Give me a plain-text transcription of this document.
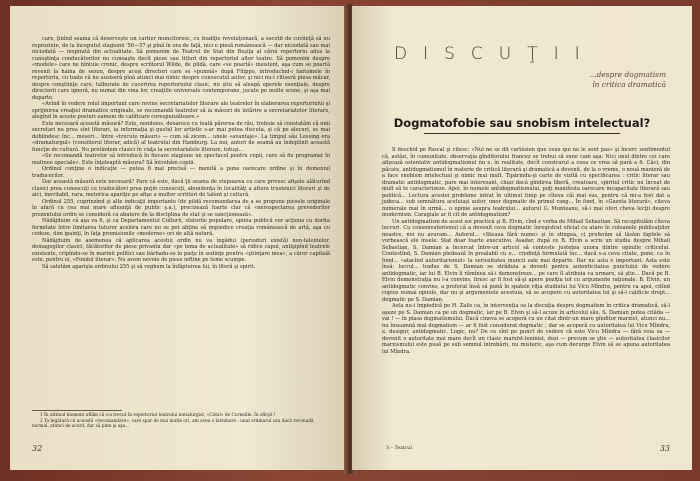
care, ţinînd seama că deservește un cartier muncitoresc, cu tradiţie revoluţionară, a socotit de cuviinţă să nu reprezinte, de la începutul stagiunii '56—57 şi pînă în ora de faţă, nici o piesă românească — dar niciodată sau mai niciodată — inspirată din actualitate. Să pomenim de Teatrul de Stat din Reşiţa al cărui repertoriu adus la cunoştinţa conducătorilor nu cunoaşte decît piese sau titluri din repertoriul altor teatre. Să pomenim despre «modele» care ne bîntuie cronic, despre scriitorul Wilde, de pildă, care «se poartă» insistent, aşa cum se poartă revenit la haina de sezon, despre aceşi directori care se «pumnă» după Filippo, introducînd-i fantomele în repertoriu, cu toate că nu ausiseră pînă atunci mai nimic despre cunoscutul autor, şi nici nu-i citiseră piesa măcar, despre conştiinţe care, talburate de cucerirea repertoriului clasic, nu ştiu să aleagă operele esenţiale, despre directorii care ignoră, nu numai din vina lor, creaţiile universale contemporane, jucate pe multe scene, şi aşa mai departe.

«Avînd în vedere rolul important care revine secretariatelor literare ale teatrelor în elaborarea repertoriului şi sprijinirea creaţiei dramatice originale, se recomandă teatrelor să ia măsuri de întărire a secretariatelor literare, alegînd în aceste posturi oameni de calificare corespunzătoare.»

Este necesară această măsură? Este, nendoios, deoarece cu toată părerea de rău, trebuie să constatăm că unii secretari nu prea sînt literari, ia informaţia şi gustul lor artistic s-ar mai putea discuta, şi că pe alocuri, se mai doblindesc înc... meseri... între «trecute măsuri» — cum să zicem... unele «avantaje». La timpul său Lessing era «dramaturgul» (consilierul literar, adică) al teatrului din Hamburg. La noi, autori de seamă au îndeplinit această funcţie de cultură. Nu pretindem clasici în viaţa la secretariatele literare, totuşi...

«Se recomandă teatrelor să introducă în fiecare stagiune un spectacol pentru copii, care să fie programat în matinee speciale». Este înţeleaptă măsura? Să întrebăm copiii.

Ordinul conţine o indicaţie — putea fi mai precisă — menită a pune oarecare ordine şi în domeniul traducerilor.

Dar această măsură este necesară? Pare că este, dacă ţii seama de stupoarea cu care privesc afişele alăturînd clasici prea cunoscuţi cu traducători prea puţin cunoscuţi, abundenţa în localităţi a altora trustenici literari şi de aici, inevitabil, rara, metorica apariţie pe afişe a multor scriitori de talent şi cultură.

Ordinul 255, cuprinzînd şi alte indicaţii importante (de pildă recomandarea de a se propune piesele originale în afară cu cea mai mare afluenţă de public ş.a.), precizează foarte clar că «nerespectarea prevederilor prezentului ordin se consideră ca abatere de la disciplina de stat şi se sancţionează».

Nădăjduim că aşa va fi, şi ca Departamentul Culturii, sfaturile populare, opinia publică vor acţiona cu dorita fermitate între limitarea tuturor acelora care nu se pot abţine să impiedice creaţia românească de artă, aşa cu cedeze, dim ipainţi, în faţa promisiunile «moderne» ori de altă natură.

Nădăjduim de asemenea că aplicarea acestui ordin nu va îngădui (perioduri există) non-talentelor, demagogilor clasici, făcătorilor de piese privantu dar «pe tema de actualitate» să ridice capul, antişipînd teatrele existente, cripîndu-se în marinii politici sau bărbadu-se în pieţe în sedinţe pentru «ştiinţare mea», a căror capitală este, pentru ei, «Fondul literar». Nu avem nevoie de piese ieftine pe teme scumpe.

Să salutăm aparişia ordinului 255 şi să veghem la înfăptuirea lui, în literă şi spirit.

1 În ultimul moment aflăm că s-a trecut în repertoriul teatrului metalurgist, «Cidul» de Corneille. În sfîrşit !

2 Ta legătură cu această «recomandare», care spar de mai multe ori, am avea o întrebare : unul ordinarul sau dacă reconadă normal, atunci de acord, dar să pinn şi aşa...

32
DISCUŢII
...despre dogmatism
în critica dramatică
Dogmatofobie sau snobism intelectual?

Il deschid pe Pascal şi citesc: «Nul ne se dit cartésien que ceux qui ne le sont pas» şi încerc sentimentul că, astăzi, în comunitate, observaţia gînditorului francez se trebui să sune cam aşa: Nici unul dintre cei care afişează ostentativ antidogmatismul nu e, în realitate, decît constrarul a ceea ce vrea să pară a fi. Căci, din păcate, antidogmatismul în materie de critică literară şi dramatică a devenit, de la o vreme, o nouă manieră de a face snobism intelectual şi nimic mai mult. Tipărindu-şi carte de vizită cu specificarea : critic literar sau dramatic antidogmatic, pare mai interesant, chiar dacă gîndirea liberă, creatoare, spiritul critic nu înceat de mult să te caracterizeze. Apoi, în numele antidogmatismului, poţi manifesta oarecare incapacitate literară sau politică... Lectura acestei probleme intrat în ultimul timp pe cîteva căi mai sus, pentru că mi-a fost dat a judeca... sub semnătura aceluiaşi autor, unor dogmatic de primul rang... În fond, în «Gazeta literară», citeva numerale mai în urmă... o opinie asupra teatrului... autorul G. Munteanu, să-i mai oferi cheva lecţii despre modernism. Caragiale ar fi cit de antidogmatism?

Un antidogmatism de acest soi practică şi B. Elvin, cînd e vorba de Mihail Sebastian. Să recapitulăm cîteva lucruri. Cu consenvatorismul că a devenit ceva dogmatic înregistrat oficial cu atare în coloanele publicaţiilor noastre, noi nu avuram... Autorul... «Steaua fără nume» şi în stingea, ci preferăm să lăsăm faptele să vorbească ele însele. Stat doar foarte executive. Asadar, după ce B. Elvin a scris un studiu despre Mihail Sebastian, S. Damian a încercat între-un articol să conteste justeţea unora dintre opiniile criticului. Contestînd, S. Damian pledează în prealabil cu o... credinţă formulată înc... dacă s-a ceva citate, pune, ca în fond... «atacînd autoritarismul» la seriozitatea muncii sale mai departe. Dar nu asta e important. Asta este însă: lucrul... tradus de S. Damian se străduia a dovedi pentru autenticitatea punctului de vedere antidogmatic, iar lui B. Elvin îi rămînea să-i demonstreze... pe care îl atribuia ca urmare, să ştie... Dacă pe B. Elvin demonstraţia nu l-a convins, firesc ar fi fost să-şi apere poziţia tot cu argumente raţionale. B. Elvin, un antidogmatic convins, a preferat însă să pună în spatele riţia studiului lui Vicu Mîndra, pentru ca apoi, citînd copios numai opinile, dar nu şi argumentele acestuia, să se acopere cu autoritatea lui şi să-l calificie drept... dogmatic pe S. Damian.

Asta nu-i împiedică pe H. Zalis ca, în intervenţia sa la discuţia despre dogmatism în critica dramatică, să-l aşeze pe S. Damian ca pe un dogmatic, iar pe B. Elvin şi să-l acuze în articolul său. S. Damian putea cităda — vai ! — în plasa dogmatismului. Dacă cineva se acoperă cu un citat dintr-un mare gînditor marxist, atunci nu... nu înseamnă mai dogmatism — ar fi fost considerat dogmatic ; dar se acoperă cu autoritatea lui Vicu Mîndra, e, desigur, antidogmatic. Logic, nu? De ce sînt pe punct de vedere că este Vicu Mîndra — fără voia sa — devenit o autoritate mai mare decît un clasic marxist-leninist, dezi — precum se ştie — autoritatea clasicilor marxismului este pusă pe sub semnul întrebării, nu misteric, aşa cum decurge Elvin să se apuna autoritatea lui Mîndra.

3 – Teatrul	33
